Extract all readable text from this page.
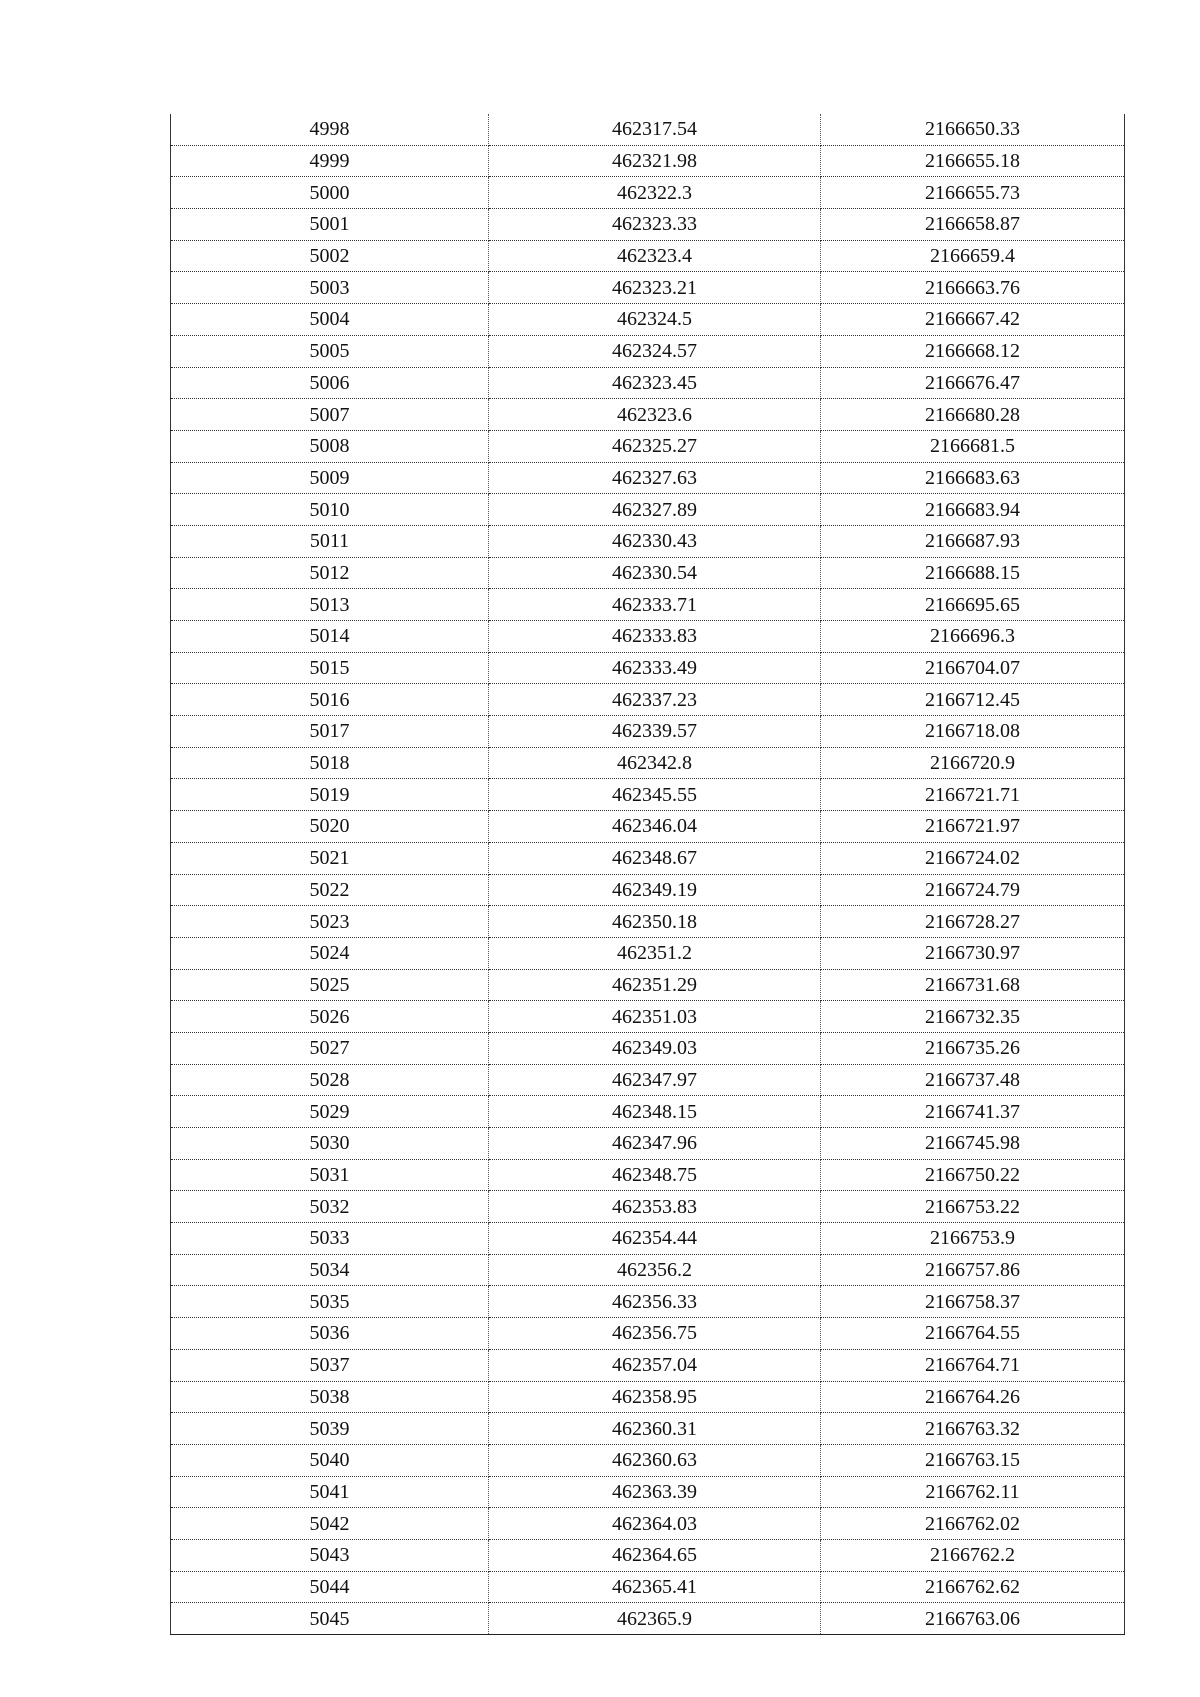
4998	462317.54	2166650.33
4999	462321.98	2166655.18
5000	462322.3	2166655.73
5001	462323.33	2166658.87
5002	462323.4	2166659.4
5003	462323.21	2166663.76
5004	462324.5	2166667.42
5005	462324.57	2166668.12
5006	462323.45	2166676.47
5007	462323.6	2166680.28
5008	462325.27	2166681.5
5009	462327.63	2166683.63
5010	462327.89	2166683.94
5011	462330.43	2166687.93
5012	462330.54	2166688.15
5013	462333.71	2166695.65
5014	462333.83	2166696.3
5015	462333.49	2166704.07
5016	462337.23	2166712.45
5017	462339.57	2166718.08
5018	462342.8	2166720.9
5019	462345.55	2166721.71
5020	462346.04	2166721.97
5021	462348.67	2166724.02
5022	462349.19	2166724.79
5023	462350.18	2166728.27
5024	462351.2	2166730.97
5025	462351.29	2166731.68
5026	462351.03	2166732.35
5027	462349.03	2166735.26
5028	462347.97	2166737.48
5029	462348.15	2166741.37
5030	462347.96	2166745.98
5031	462348.75	2166750.22
5032	462353.83	2166753.22
5033	462354.44	2166753.9
5034	462356.2	2166757.86
5035	462356.33	2166758.37
5036	462356.75	2166764.55
5037	462357.04	2166764.71
5038	462358.95	2166764.26
5039	462360.31	2166763.32
5040	462360.63	2166763.15
5041	462363.39	2166762.11
5042	462364.03	2166762.02
5043	462364.65	2166762.2
5044	462365.41	2166762.62
5045	462365.9	2166763.06
